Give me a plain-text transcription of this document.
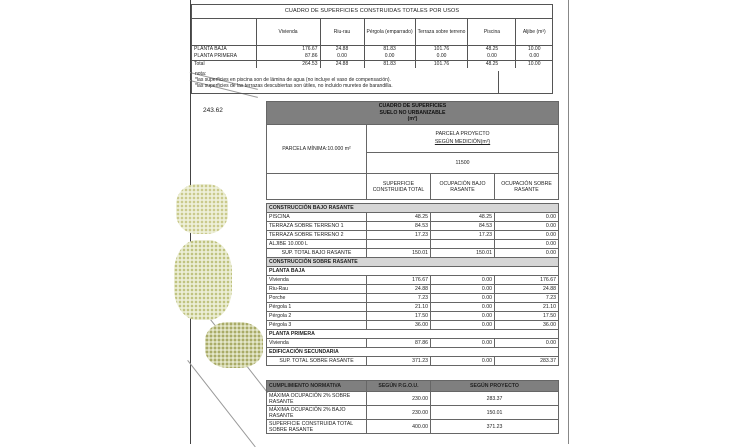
CUADRO DE SUPERFICIES CONSTRUIDAS TOTALES POR USOS
	Vivienda	Riu-rau	Pérgola (emparrado)	Terraza sobre terreno	Piscina	Aljibe (m³)
PLANTA BAJA	176.67	24.88	81.83	101.76	48.25	10.00
PLANTA PRIMERA	87.86	0.00	0.00	0.00	0.00	0.00
Total	264.53	24.88	81.83	101.76	48.25	10.00
nota:
*las superficies en piscina son de lámina de agua (no incluye el vaso de compensación).
*las superficies de las terrazas descubiertas son útiles, no incluido muretes de barandilla.
243.62
CUADRO DE SUPERFICIES
SUELO NO URBANIZABLE
(m²)			

PARCELA MÍNIMA:10.000 m²	PARCELA PROYECTO
SEGÚN MEDICIÓN(m²)		

	11500		
	SUPERFICIE CONSTRUIDA TOTAL	OCUPACIÓN BAJO RASANTE	OCUPACIÓN SOBRE RASANTE

CONSTRUCCIÓN BAJO RASANTE			
PISCINA	48.25	48.25	0.00
TERRAZA SOBRE TERRENO 1	84.53	84.53	0.00
TERRAZA SOBRE TERRENO 2	17.23	17.23	0.00
ALJIBE 10.000 L			0.00
SUP. TOTAL BAJO RASANTE	150.01	150.01	0.00
CONSTRUCCIÓN SOBRE RASANTE			
PLANTA BAJA			
Vivienda	176.67	0.00	176.67
Riu-Rau	24.88	0.00	24.88
Porche	7.23	0.00	7.23
Pérgola 1	21.10	0.00	21.10
Pérgola 2	17.50	0.00	17.50
Pérgola 3	36.00	0.00	36.00
PLANTA PRIMERA			
Vivienda	87.86	0.00	0.00
EDIFICACIÓN SECUNDARIA			
SUP. TOTAL SOBRE RASANTE	371.23	0.00	283.37

CUMPLIMIENTO NORMATIVA	SEGÚN P.G.O.U.	SEGÚN PROYECTO	
MÁXIMA OCUPACIÓN 2% SOBRE RASANTE	230.00	283.37	
MÁXIMA OCUPACIÓN 2% BAJO RASANTE	230.00	150.01	
SUPERFICIE CONSTRUIDA TOTAL SOBRE RASANTE	400.00	371.23	
